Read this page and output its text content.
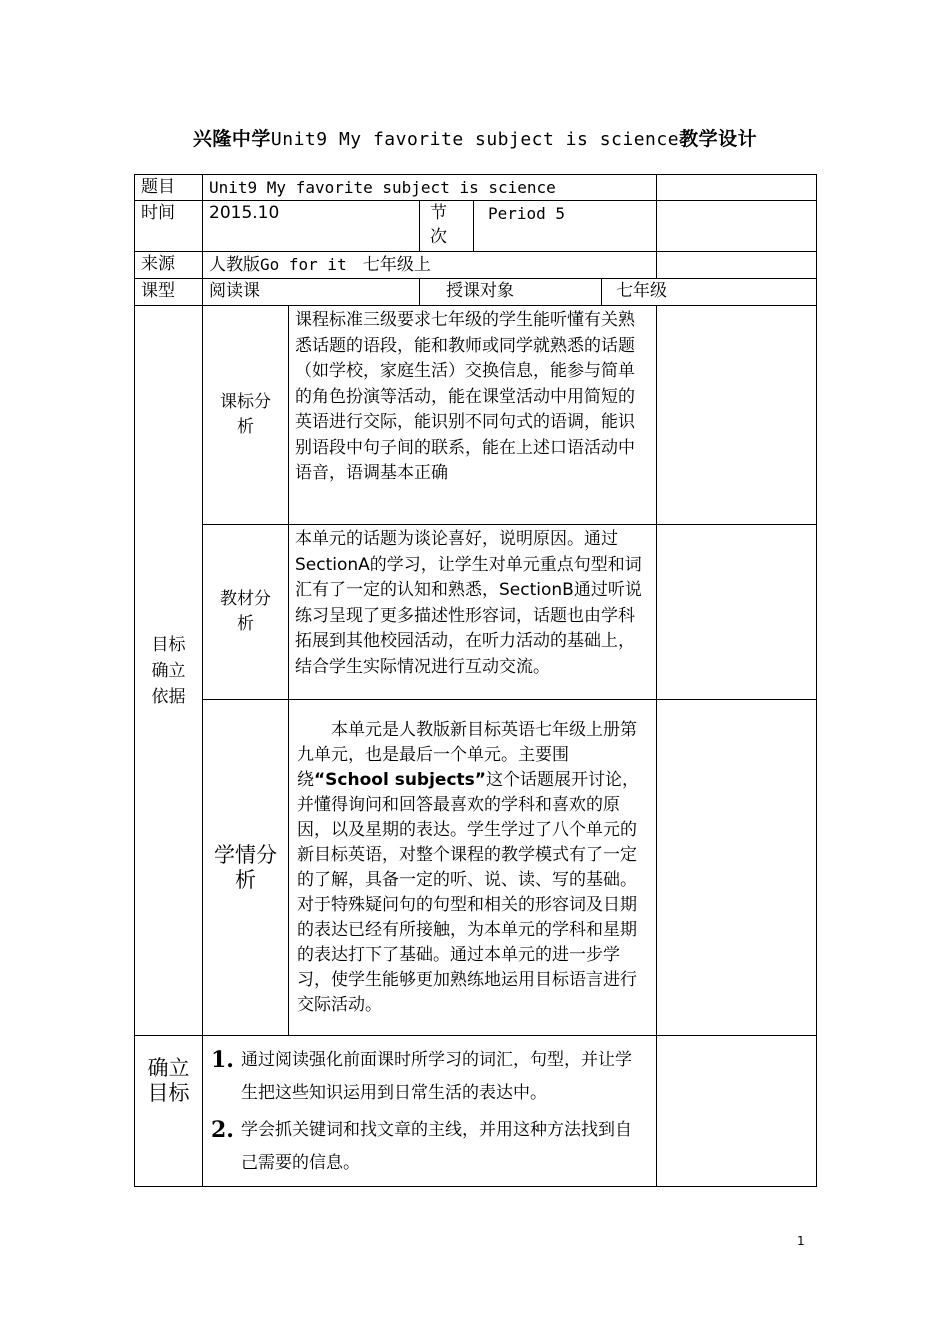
兴隆中学Unit9 My favorite subject is science教学设计
题目	Unit9 My favorite subject is science					
时间	2015.10		节次	Period 5		
来源	人教版Go for it 七年级上					
课型	阅读课		授课对象		七年级	

目标确立依据	课标分析	课程标准三级要求七年级的学生能听懂有关熟悉话题的语段，能和教师或同学就熟悉的话题（如学校，家庭生活）交换信息，能参与简单的角色扮演等活动，能在课堂活动中用简短的英语进行交际，能识别不同句式的语调，能识别语段中句子间的联系，能在上述口语活动中语音，语调基本正确				

	教材分析	本单元的话题为谈论喜好，说明原因。通过SectionA的学习，让学生对单元重点句型和词汇有了一定的认知和熟悉，SectionB通过听说练习呈现了更多描述性形容词，话题也由学科拓展到其他校园活动，在听力活动的基础上，结合学生实际情况进行互动交流。				

	学情分析	本单元是人教版新目标英语七年级上册第九单元，也是最后一个单元。主要围绕“School subjects”这个话题展开讨论，并懂得询问和回答最喜欢的学科和喜欢的原因，以及星期的表达。学生学过了八个单元的新目标英语，对整个课程的教学模式有了一定的了解，具备一定的听、说、读、写的基础。对于特殊疑问句的句型和相关的形容词及日期的表达已经有所接触，为本单元的学科和星期的表达打下了基础。通过本单元的进一步学习，使学生能够更加熟练地运用目标语言进行交际活动。				

确立目标	1. 通过阅读强化前面课时所学习的词汇，句型，并让学生把这些知识运用到日常生活的表达中。
2. 学会抓关键词和找文章的主线，并用这种方法找到自己需要的信息。					

1
